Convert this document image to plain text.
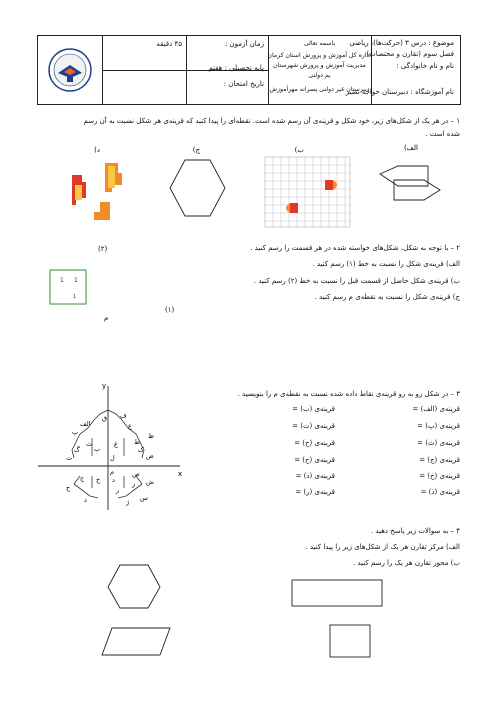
موضوع : درس ۳ (حرکت‌ها)، ریاضی
فصل سوم (تقارن و مختصات)
نام و نام خانوادگی :
نام آموزشگاه : دبیرستان خواجه نصیر
باسمه تعالی
اداره کل آموزش و پرورش استان کرمان
مدیریت آموزش و پرورش شهرستان
بم دولتی
دبیرستان غیر دولتی پسرانه مهرآموزش
زمان آزمون :
۴۵ دقیقه
پایه تحصیلی : هفتم
تاریخ امتحان :
۱ – در هر یک از شکل‌های زیر، خود شکل و قرینه‌ی آن رسم شده است. نقطه‌ای را پیدا کنید که قرینه‌ی هر شکل نسبت به آن رسم
شده است .
الف)
ب)
ج)
د)
۲ – با توجه به شکل، شکل‌های خواسته شده در هر قسمت را رسم کنید .
الف) قرینه‌ی شکل را نسبت به خط (۱) رسم کنید .
ب) قرینه‌ی شکل حاصل از قسمت قبل را نسبت به خط (۲) رسم کنید .
ج) قرینه‌ی شکل را نسبت به نقطه‌ی م رسم کنید .
1 1
1
(۲)
(۱)
م
۳ – در شکل رو به رو قرینه‌ی نقاط داده شده نسبت به نقطه‌ی م را بنویسید .
قرینه‌ی (الف) =
قرینه‌ی (پ) =
قرینه‌ی (ث) =
قرینه‌ی (ج) =
قرینه‌ی (خ) =
قرینه‌ی (ذ) =
قرینه‌ی (ب) =
قرینه‌ی (ت) =
قرینه‌ی (ح) =
قرینه‌ی (ح) =
قرینه‌ی (د) =
قرینه‌ی (ر) =
x
y
الف
ب
پ
ت
ث
ج
ح
خ د
ذ
ر
ز
ژ س
ش
ص
ض
ط
ظ
ع
غ
ف
ق
ک
گ
ل
م
۴ – به سوالات زیر پاسخ دهید .
الف) مرکز تقارن هر یک از شکل‌های زیر را پیدا کنید .
ب) محور تقارن هر یک را رسم کنید .
